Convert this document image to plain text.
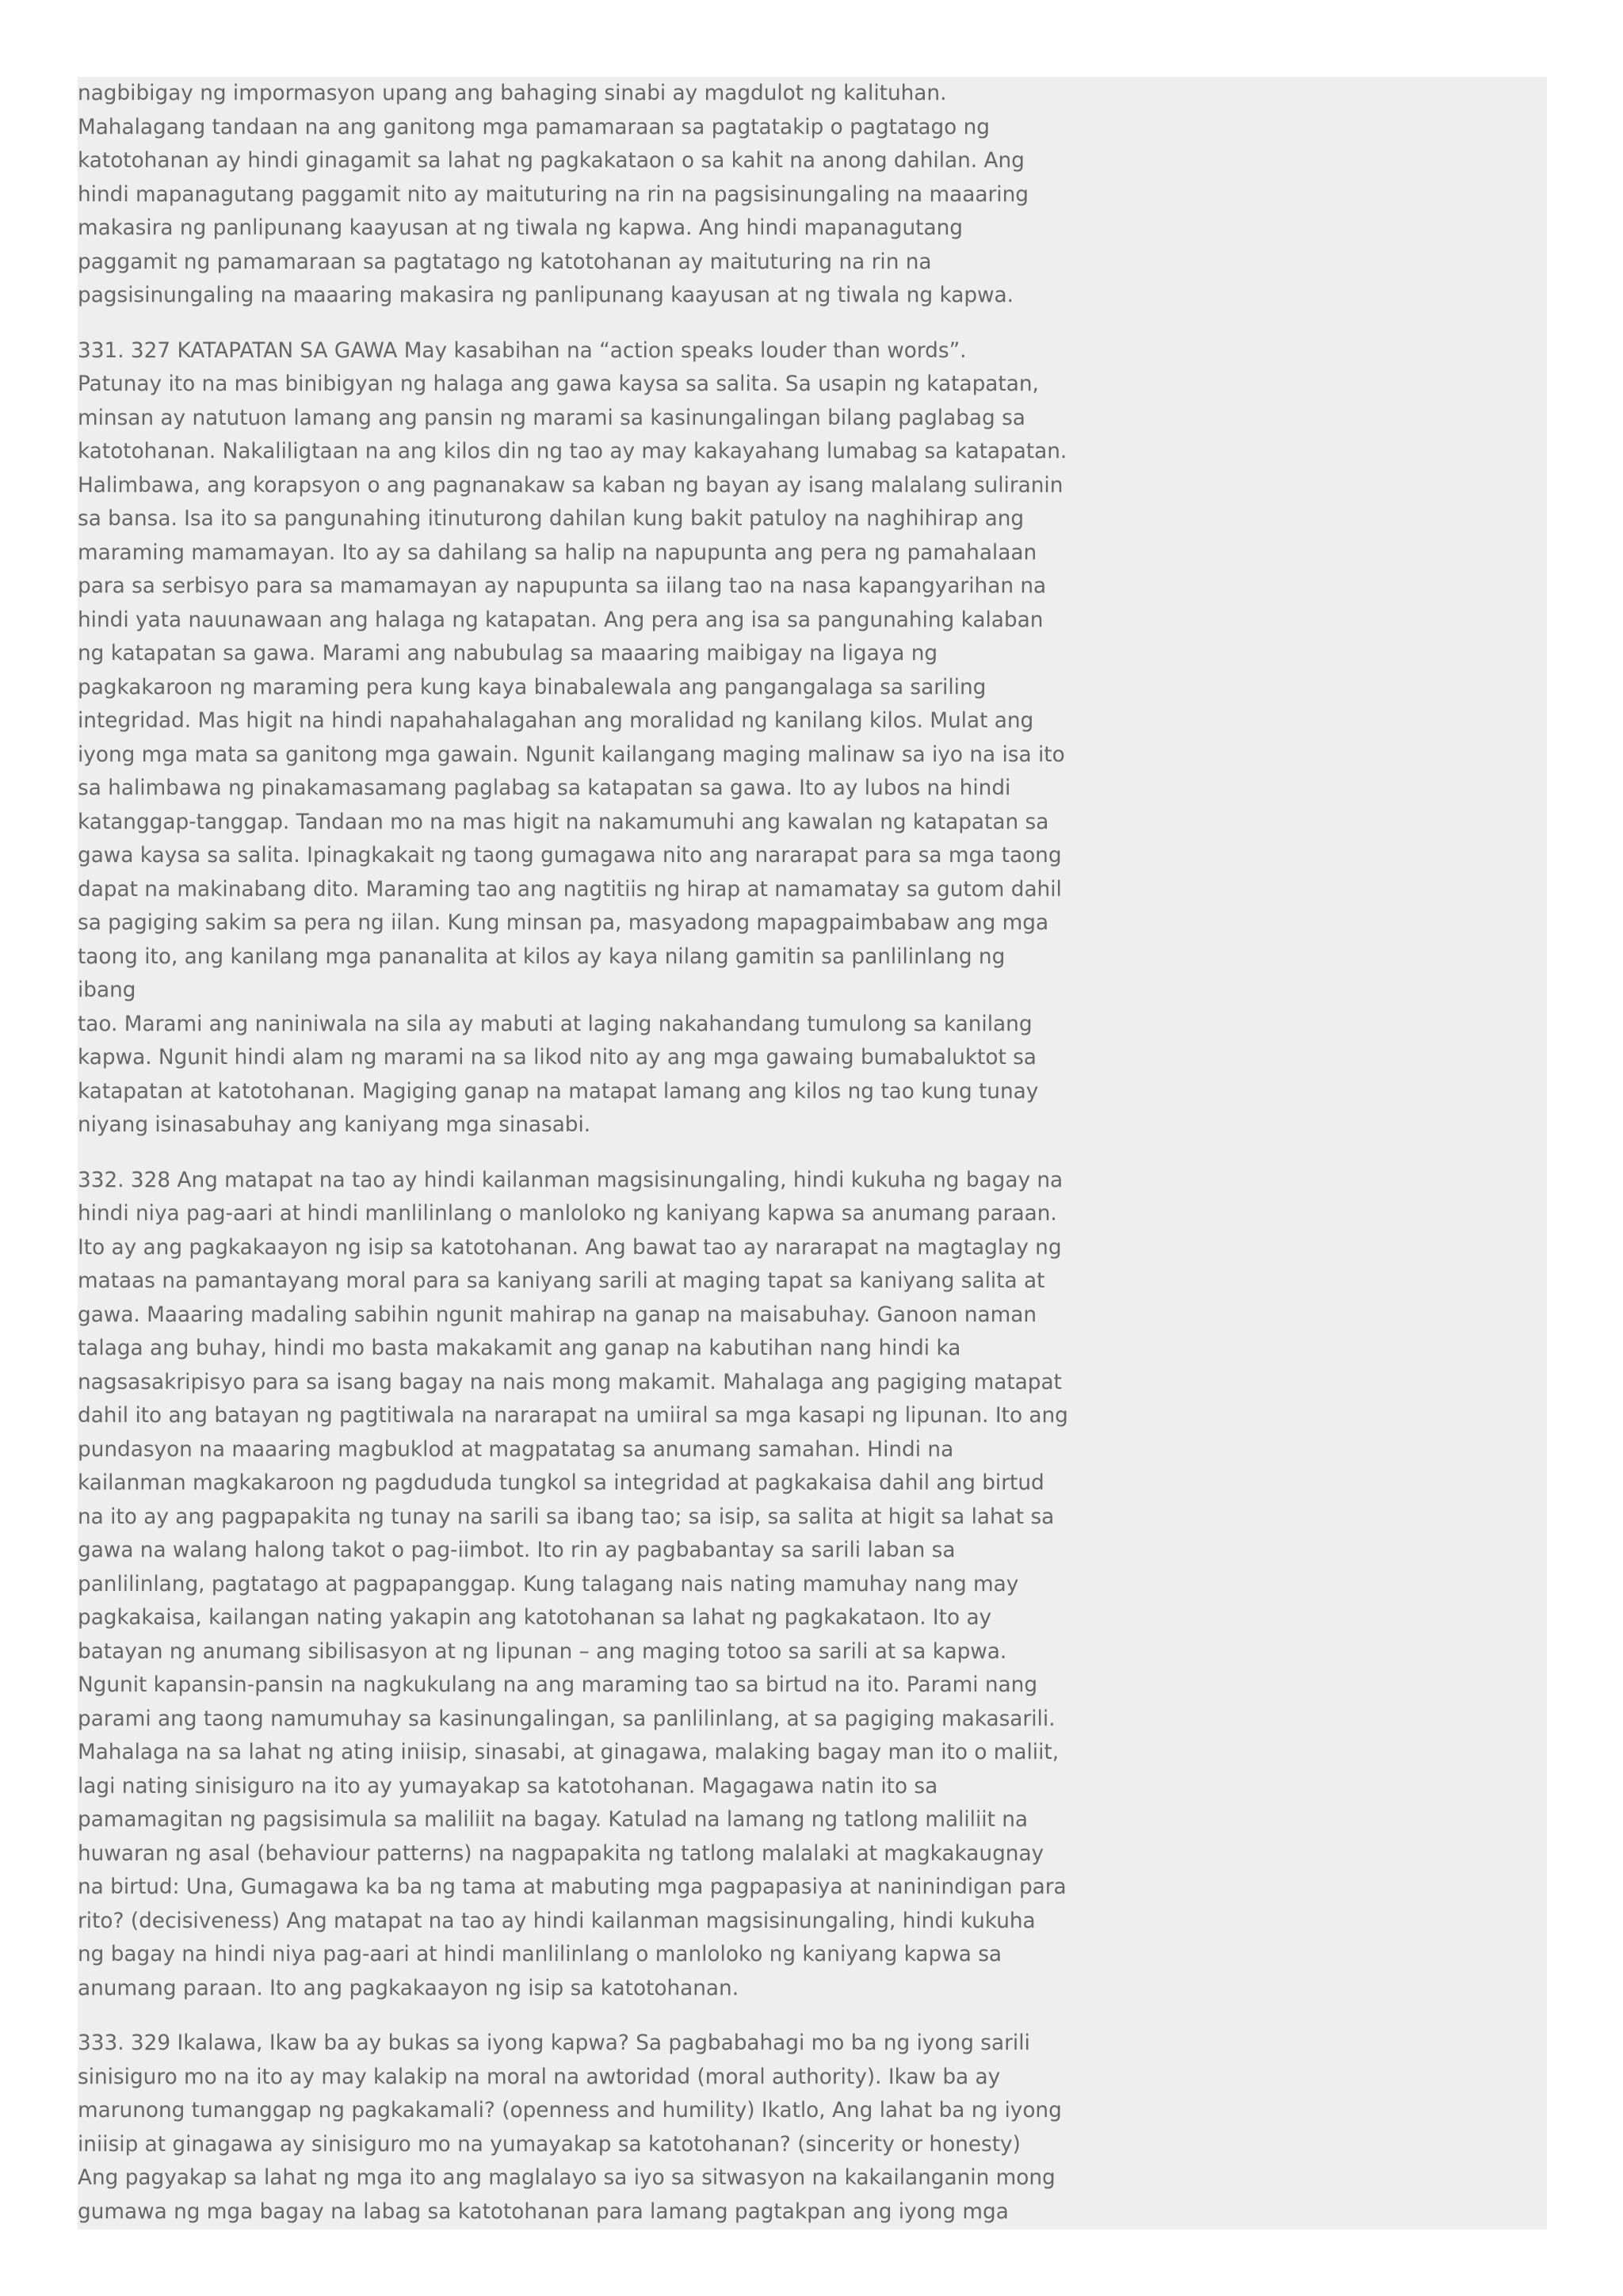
nagbibigay ng impormasyon upang ang bahaging sinabi ay magdulot ng kalituhan.
Mahalagang tandaan na ang ganitong mga pamamaraan sa pagtatakip o pagtatago ng
katotohanan ay hindi ginagamit sa lahat ng pagkakataon o sa kahit na anong dahilan. Ang
hindi mapanagutang paggamit nito ay maituturing na rin na pagsisinungaling na maaaring
makasira ng panlipunang kaayusan at ng tiwala ng kapwa. Ang hindi mapanagutang
paggamit ng pamamaraan sa pagtatago ng katotohanan ay maituturing na rin na
pagsisinungaling na maaaring makasira ng panlipunang kaayusan at ng tiwala ng kapwa.

331. 327 KATAPATAN SA GAWA May kasabihan na “action speaks louder than words”.
Patunay ito na mas binibigyan ng halaga ang gawa kaysa sa salita. Sa usapin ng katapatan,
minsan ay natutuon lamang ang pansin ng marami sa kasinungalingan bilang paglabag sa
katotohanan. Nakaliligtaan na ang kilos din ng tao ay may kakayahang lumabag sa katapatan.
Halimbawa, ang korapsyon o ang pagnanakaw sa kaban ng bayan ay isang malalang suliranin
sa bansa. Isa ito sa pangunahing itinuturong dahilan kung bakit patuloy na naghihirap ang
maraming mamamayan. Ito ay sa dahilang sa halip na napupunta ang pera ng pamahalaan
para sa serbisyo para sa mamamayan ay napupunta sa iilang tao na nasa kapangyarihan na
hindi yata nauunawaan ang halaga ng katapatan. Ang pera ang isa sa pangunahing kalaban
ng katapatan sa gawa. Marami ang nabubulag sa maaaring maibigay na ligaya ng
pagkakaroon ng maraming pera kung kaya binabalewala ang pangangalaga sa sariling
integridad. Mas higit na hindi napahahalagahan ang moralidad ng kanilang kilos. Mulat ang
iyong mga mata sa ganitong mga gawain. Ngunit kailangang maging malinaw sa iyo na isa ito
sa halimbawa ng pinakamasamang paglabag sa katapatan sa gawa. Ito ay lubos na hindi
katanggap-tanggap. Tandaan mo na mas higit na nakamumuhi ang kawalan ng katapatan sa
gawa kaysa sa salita. Ipinagkakait ng taong gumagawa nito ang nararapat para sa mga taong
dapat na makinabang dito. Maraming tao ang nagtitiis ng hirap at namamatay sa gutom dahil
sa pagiging sakim sa pera ng iilan. Kung minsan pa, masyadong mapagpaimbabaw ang mga
taong ito, ang kanilang mga pananalita at kilos ay kaya nilang gamitin sa panlilinlang ng ibang
tao. Marami ang naniniwala na sila ay mabuti at laging nakahandang tumulong sa kanilang
kapwa. Ngunit hindi alam ng marami na sa likod nito ay ang mga gawaing bumabaluktot sa
katapatan at katotohanan. Magiging ganap na matapat lamang ang kilos ng tao kung tunay
niyang isinasabuhay ang kaniyang mga sinasabi.

332. 328 Ang matapat na tao ay hindi kailanman magsisinungaling, hindi kukuha ng bagay na
hindi niya pag-aari at hindi manlilinlang o manloloko ng kaniyang kapwa sa anumang paraan.
Ito ay ang pagkakaayon ng isip sa katotohanan. Ang bawat tao ay nararapat na magtaglay ng
mataas na pamantayang moral para sa kaniyang sarili at maging tapat sa kaniyang salita at
gawa. Maaaring madaling sabihin ngunit mahirap na ganap na maisabuhay. Ganoon naman
talaga ang buhay, hindi mo basta makakamit ang ganap na kabutihan nang hindi ka
nagsasakripisyo para sa isang bagay na nais mong makamit. Mahalaga ang pagiging matapat
dahil ito ang batayan ng pagtitiwala na nararapat na umiiral sa mga kasapi ng lipunan. Ito ang
pundasyon na maaaring magbuklod at magpatatag sa anumang samahan. Hindi na
kailanman magkakaroon ng pagdududa tungkol sa integridad at pagkakaisa dahil ang birtud
na ito ay ang pagpapakita ng tunay na sarili sa ibang tao; sa isip, sa salita at higit sa lahat sa
gawa na walang halong takot o pag-iimbot. Ito rin ay pagbabantay sa sarili laban sa
panlilinlang, pagtatago at pagpapanggap. Kung talagang nais nating mamuhay nang may
pagkakaisa, kailangan nating yakapin ang katotohanan sa lahat ng pagkakataon. Ito ay
batayan ng anumang sibilisasyon at ng lipunan – ang maging totoo sa sarili at sa kapwa.
Ngunit kapansin-pansin na nagkukulang na ang maraming tao sa birtud na ito. Parami nang
parami ang taong namumuhay sa kasinungalingan, sa panlilinlang, at sa pagiging makasarili.
Mahalaga na sa lahat ng ating iniisip, sinasabi, at ginagawa, malaking bagay man ito o maliit,
lagi nating sinisiguro na ito ay yumayakap sa katotohanan. Magagawa natin ito sa
pamamagitan ng pagsisimula sa maliliit na bagay. Katulad na lamang ng tatlong maliliit na
huwaran ng asal (behaviour patterns) na nagpapakita ng tatlong malalaki at magkakaugnay
na birtud: Una, Gumagawa ka ba ng tama at mabuting mga pagpapasiya at naninindigan para
rito? (decisiveness) Ang matapat na tao ay hindi kailanman magsisinungaling, hindi kukuha
ng bagay na hindi niya pag-aari at hindi manlilinlang o manloloko ng kaniyang kapwa sa
anumang paraan. Ito ang pagkakaayon ng isip sa katotohanan.

333. 329 Ikalawa, Ikaw ba ay bukas sa iyong kapwa? Sa pagbabahagi mo ba ng iyong sarili
sinisiguro mo na ito ay may kalakip na moral na awtoridad (moral authority). Ikaw ba ay
marunong tumanggap ng pagkakamali? (openness and humility) Ikatlo, Ang lahat ba ng iyong
iniisip at ginagawa ay sinisiguro mo na yumayakap sa katotohanan? (sincerity or honesty)
Ang pagyakap sa lahat ng mga ito ang maglalayo sa iyo sa sitwasyon na kakailanganin mong
gumawa ng mga bagay na labag sa katotohanan para lamang pagtakpan ang iyong mga
